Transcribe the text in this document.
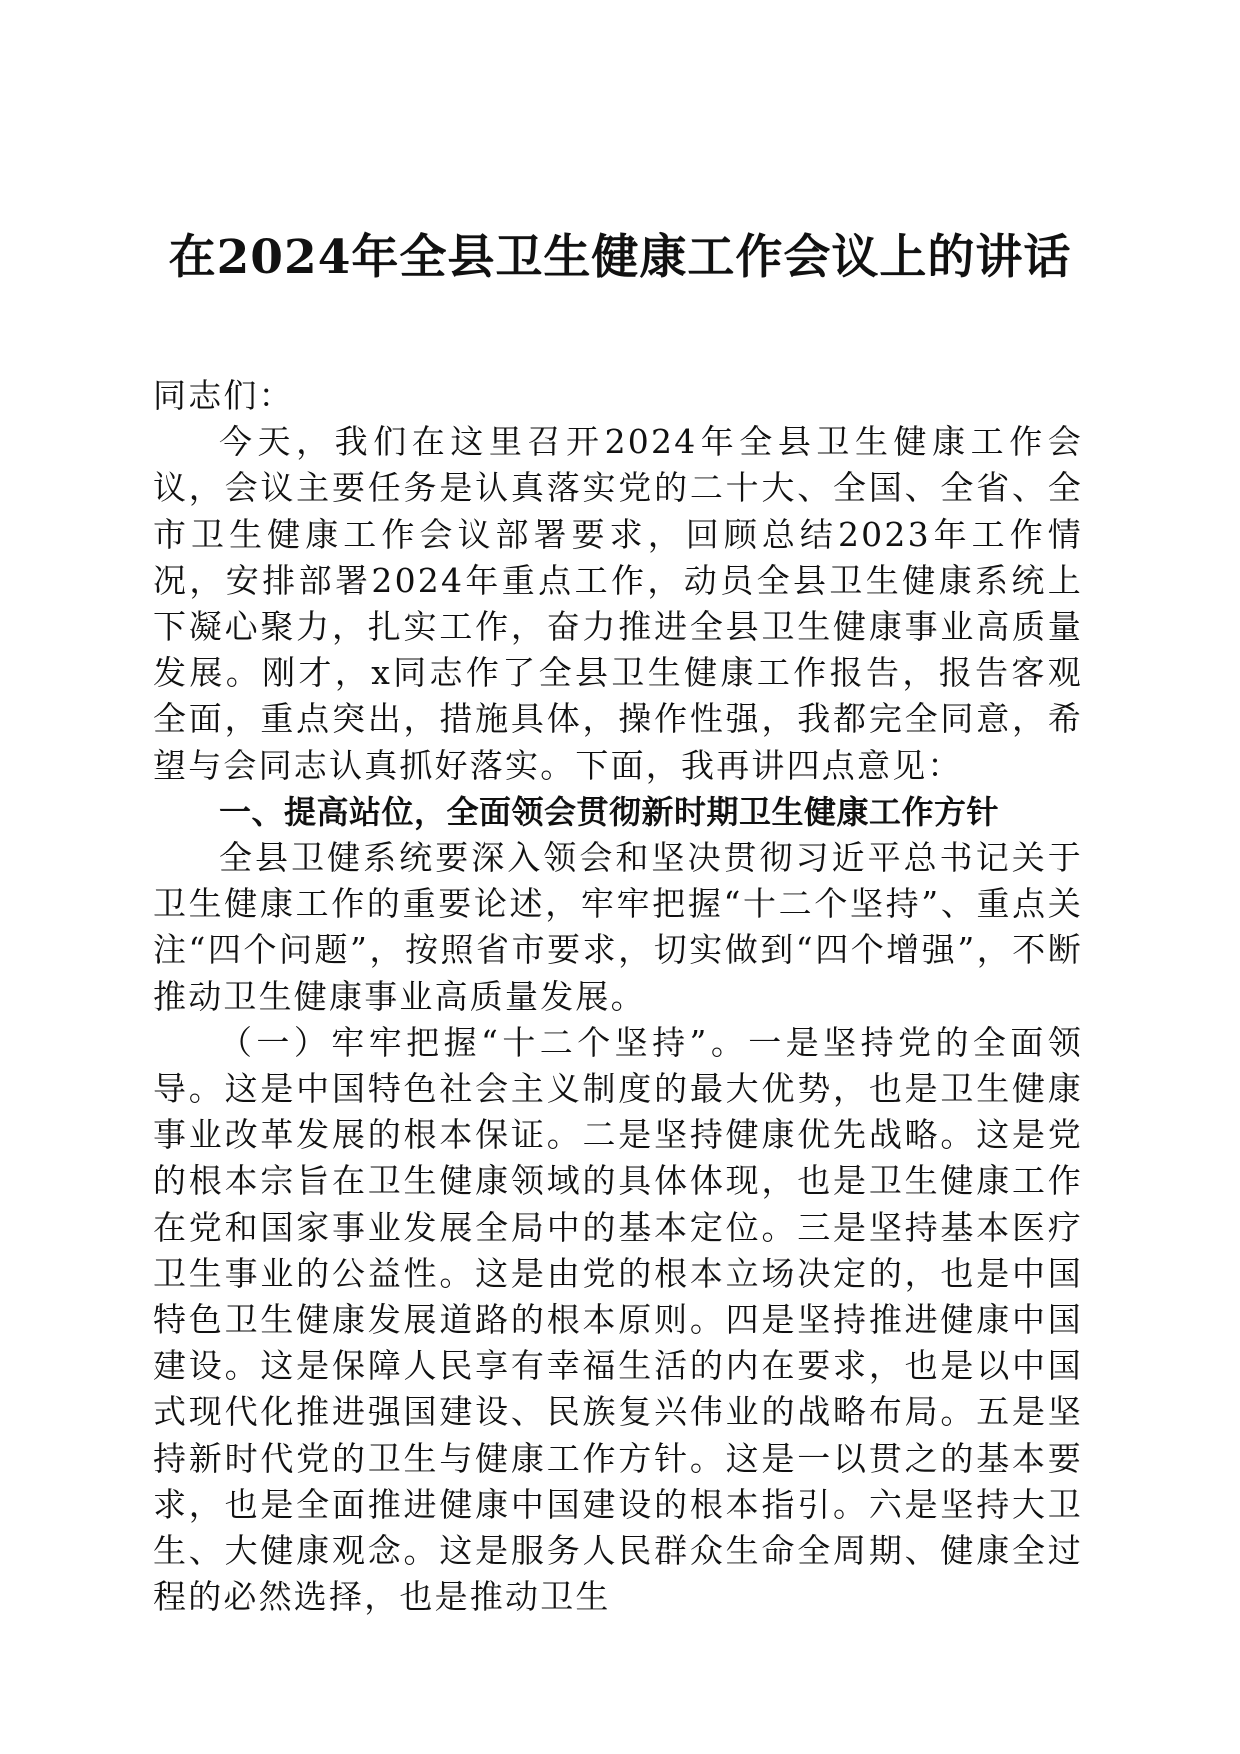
在2024年全县卫生健康工作会议上的讲话

同志们：

今天，我们在这里召开2024年全县卫生健康工作会议，会议主要任务是认真落实党的二十大、全国、全省、全市卫生健康工作会议部署要求，回顾总结2023年工作情况，安排部署2024年重点工作，动员全县卫生健康系统上下凝心聚力，扎实工作，奋力推进全县卫生健康事业高质量发展。刚才，x同志作了全县卫生健康工作报告，报告客观全面，重点突出，措施具体，操作性强，我都完全同意，希望与会同志认真抓好落实。下面，我再讲四点意见：

一、提高站位，全面领会贯彻新时期卫生健康工作方针

全县卫健系统要深入领会和坚决贯彻习近平总书记关于卫生健康工作的重要论述，牢牢把握“十二个坚持”、重点关注“四个问题”，按照省市要求，切实做到“四个增强”，不断推动卫生健康事业高质量发展。

（一）牢牢把握“十二个坚持”。一是坚持党的全面领导。这是中国特色社会主义制度的最大优势，也是卫生健康事业改革发展的根本保证。二是坚持健康优先战略。这是党的根本宗旨在卫生健康领域的具体体现，也是卫生健康工作在党和国家事业发展全局中的基本定位。三是坚持基本医疗卫生事业的公益性。这是由党的根本立场决定的，也是中国特色卫生健康发展道路的根本原则。四是坚持推进健康中国建设。这是保障人民享有幸福生活的内在要求，也是以中国式现代化推进强国建设、民族复兴伟业的战略布局。五是坚持新时代党的卫生与健康工作方针。这是一以贯之的基本要求，也是全面推进健康中国建设的根本指引。六是坚持大卫生、大健康观念。这是服务人民群众生命全周期、健康全过程的必然选择，也是推动卫生
